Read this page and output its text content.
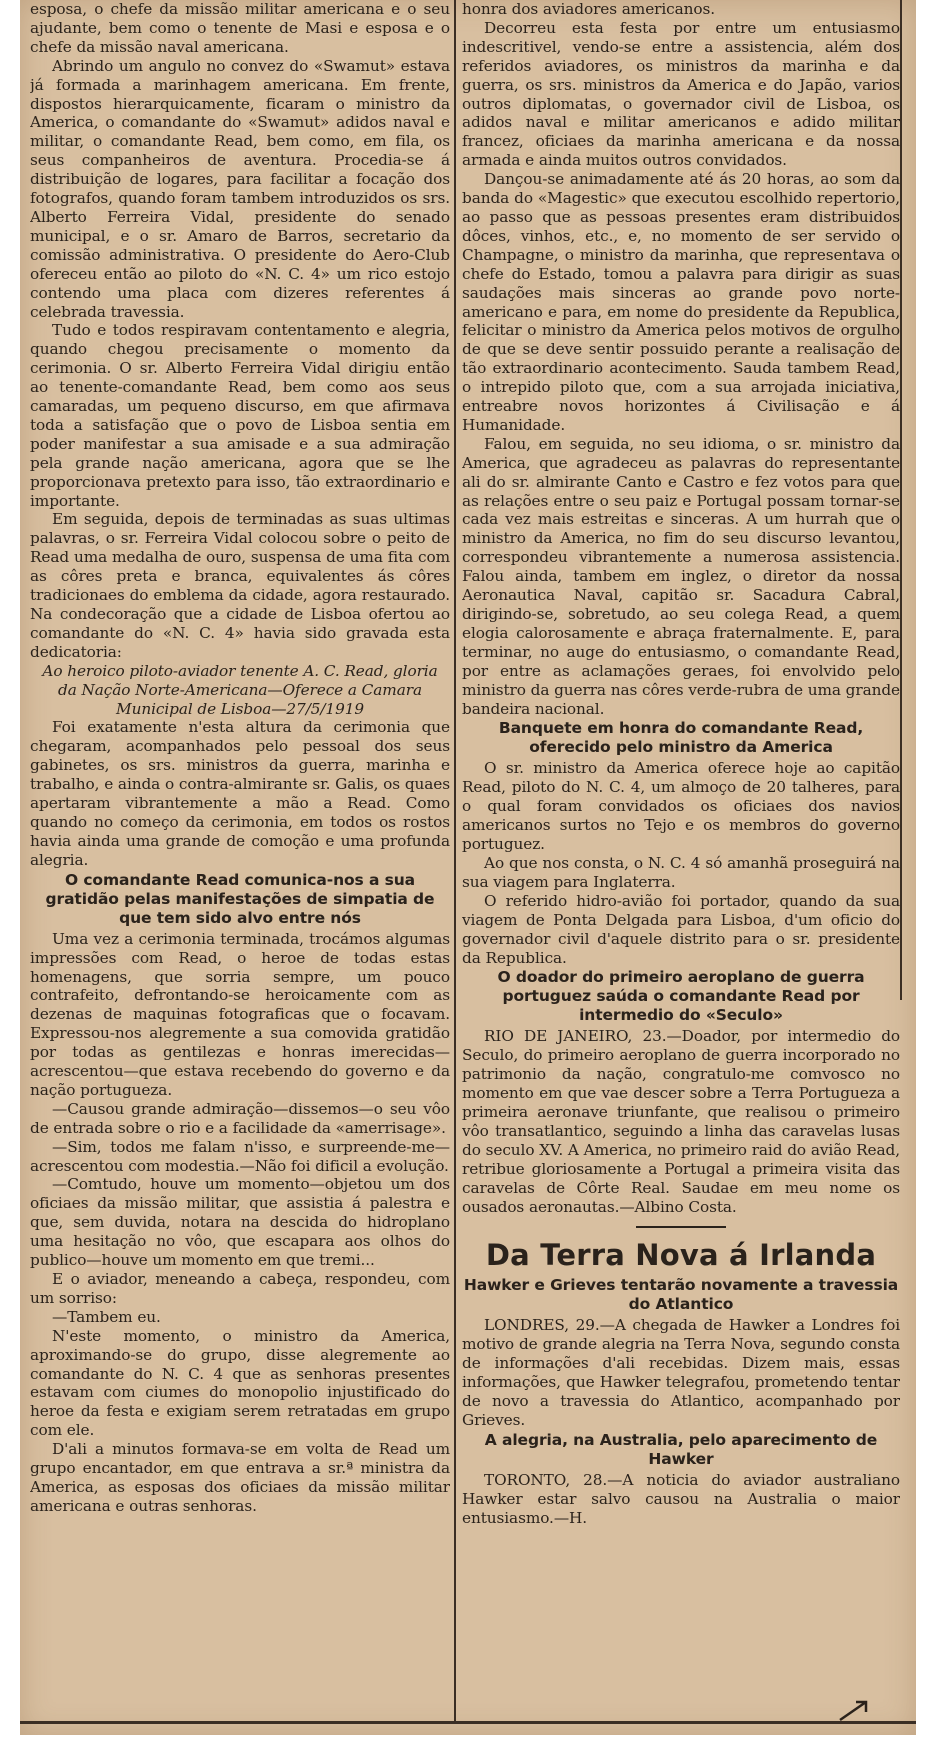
esposa, o chefe da missão militar americana e o seu ajudante, bem como o tenente de Masi e esposa e o chefe da missão naval americana.

Abrindo um angulo no convez do «Swamut» estava já formada a marinhagem americana. Em frente, dispostos hierarquicamente, ficaram o ministro da America, o comandante do «Swamut» adidos naval e militar, o comandante Read, bem como, em fila, os seus companheiros de aventura. Procedia-se á distribuição de logares, para facilitar a focação dos fotografos, quando foram tambem introduzidos os srs. Alberto Ferreira Vidal, presidente do senado municipal, e o sr. Amaro de Barros, secretario da comissão administrativa. O presidente do Aero-Club ofereceu então ao piloto do «N. C. 4» um rico estojo contendo uma placa com dizeres referentes á celebrada travessia.

Tudo e todos respiravam contentamento e alegria, quando chegou precisamente o momento da cerimonia. O sr. Alberto Ferreira Vidal dirigiu então ao tenente-comandante Read, bem como aos seus camaradas, um pequeno discurso, em que afirmava toda a satisfação que o povo de Lisboa sentia em poder manifestar a sua amisade e a sua admiração pela grande nação americana, agora que se lhe proporcionava pretexto para isso, tão extraordinario e importante.

Em seguida, depois de terminadas as suas ultimas palavras, o sr. Ferreira Vidal colocou sobre o peito de Read uma medalha de ouro, suspensa de uma fita com as côres preta e branca, equivalentes ás côres tradicionaes do emblema da cidade, agora restaurado. Na condecoração que a cidade de Lisboa ofertou ao comandante do «N. C. 4» havia sido gravada esta dedicatoria:

Ao heroico piloto-aviador tenente A. C. Read, gloria da Nação Norte-Americana—Oferece a Camara Municipal de Lisboa—27/5/1919

Foi exatamente n'esta altura da cerimonia que chegaram, acompanhados pelo pessoal dos seus gabinetes, os srs. ministros da guerra, marinha e trabalho, e ainda o contra-almirante sr. Galis, os quaes apertaram vibrantemente a mão a Read. Como quando no começo da cerimonia, em todos os rostos havia ainda uma grande de comoção e uma profunda alegria.

O comandante Read comunica-nos a sua gratidão pelas manifestações de simpatia de que tem sido alvo entre nós

Uma vez a cerimonia terminada, trocámos algumas impressões com Read, o heroe de todas estas homenagens, que sorria sempre, um pouco contrafeito, defrontando-se heroicamente com as dezenas de maquinas fotograficas que o focavam. Expressou-nos alegremente a sua comovida gratidão por todas as gentilezas e honras imerecidas—acrescentou—que estava recebendo do governo e da nação portugueza.

—Causou grande admiração—dissemos—o seu vôo de entrada sobre o rio e a facilidade da «amerrisage».

—Sim, todos me falam n'isso, e surpreende-me—acrescentou com modestia.—Não foi dificil a evolução.

—Comtudo, houve um momento—objetou um dos oficiaes da missão militar, que assistia á palestra e que, sem duvida, notara na descida do hidroplano uma hesitação no vôo, que escapara aos olhos do publico—houve um momento em que tremi...

E o aviador, meneando a cabeça, respondeu, com um sorriso:

—Tambem eu.

N'este momento, o ministro da America, aproximando-se do grupo, disse alegremente ao comandante do N. C. 4 que as senhoras presentes estavam com ciumes do monopolio injustificado do heroe da festa e exigiam serem retratadas em grupo com ele.

D'ali a minutos formava-se em volta de Read um grupo encantador, em que entrava a sr.ª ministra da America, as esposas dos oficiaes da missão militar americana e outras senhoras.

honra dos aviadores americanos.

Decorreu esta festa por entre um entusiasmo indescritivel, vendo-se entre a assistencia, além dos referidos aviadores, os ministros da marinha e da guerra, os srs. ministros da America e do Japão, varios outros diplomatas, o governador civil de Lisboa, os adidos naval e militar americanos e adido militar francez, oficiaes da marinha americana e da nossa armada e ainda muitos outros convidados.

Dançou-se animadamente até ás 20 horas, ao som da banda do «Magestic» que executou escolhido repertorio, ao passo que as pessoas presentes eram distribuidos dôces, vinhos, etc., e, no momento de ser servido o Champagne, o ministro da marinha, que representava o chefe do Estado, tomou a palavra para dirigir as suas saudações mais sinceras ao grande povo norte-americano e para, em nome do presidente da Republica, felicitar o ministro da America pelos motivos de orgulho de que se deve sentir possuido perante a realisação de tão extraordinario acontecimento. Sauda tambem Read, o intrepido piloto que, com a sua arrojada iniciativa, entreabre novos horizontes á Civilisação e á Humanidade.

Falou, em seguida, no seu idioma, o sr. ministro da America, que agradeceu as palavras do representante ali do sr. almirante Canto e Castro e fez votos para que as relações entre o seu paiz e Portugal possam tornar-se cada vez mais estreitas e sinceras. A um hurrah que o ministro da America, no fim do seu discurso levantou, correspondeu vibrantemente a numerosa assistencia. Falou ainda, tambem em inglez, o diretor da nossa Aeronautica Naval, capitão sr. Sacadura Cabral, dirigindo-se, sobretudo, ao seu colega Read, a quem elogia calorosamente e abraça fraternalmente. E, para terminar, no auge do entusiasmo, o comandante Read, por entre as aclamações geraes, foi envolvido pelo ministro da guerra nas côres verde-rubra de uma grande bandeira nacional.

Banquete em honra do comandante Read, oferecido pelo ministro da America

O sr. ministro da America oferece hoje ao capitão Read, piloto do N. C. 4, um almoço de 20 talheres, para o qual foram convidados os oficiaes dos navios americanos surtos no Tejo e os membros do governo portuguez.

Ao que nos consta, o N. C. 4 só amanhã proseguirá na sua viagem para Inglaterra.

O referido hidro-avião foi portador, quando da sua viagem de Ponta Delgada para Lisboa, d'um oficio do governador civil d'aquele distrito para o sr. presidente da Republica.

O doador do primeiro aeroplano de guerra portuguez saúda o comandante Read por intermedio do «Seculo»

RIO DE JANEIRO, 23.—Doador, por intermedio do Seculo, do primeiro aeroplano de guerra incorporado no patrimonio da nação, congratulo-me comvosco no momento em que vae descer sobre a Terra Portugueza a primeira aeronave triunfante, que realisou o primeiro vôo transatlantico, seguindo a linha das caravelas lusas do seculo XV. A America, no primeiro raid do avião Read, retribue gloriosamente a Portugal a primeira visita das caravelas de Côrte Real. Saudae em meu nome os ousados aeronautas.—Albino Costa.

Da Terra Nova á Irlanda
Hawker e Grieves tentarão novamente a travessia do Atlantico

LONDRES, 29.—A chegada de Hawker a Londres foi motivo de grande alegria na Terra Nova, segundo consta de informações d'ali recebidas. Dizem mais, essas informações, que Hawker telegrafou, prometendo tentar de novo a travessia do Atlantico, acompanhado por Grieves.

A alegria, na Australia, pelo aparecimento de Hawker

TORONTO, 28.—A noticia do aviador australiano Hawker estar salvo causou na Australia o maior entusiasmo.—H.
